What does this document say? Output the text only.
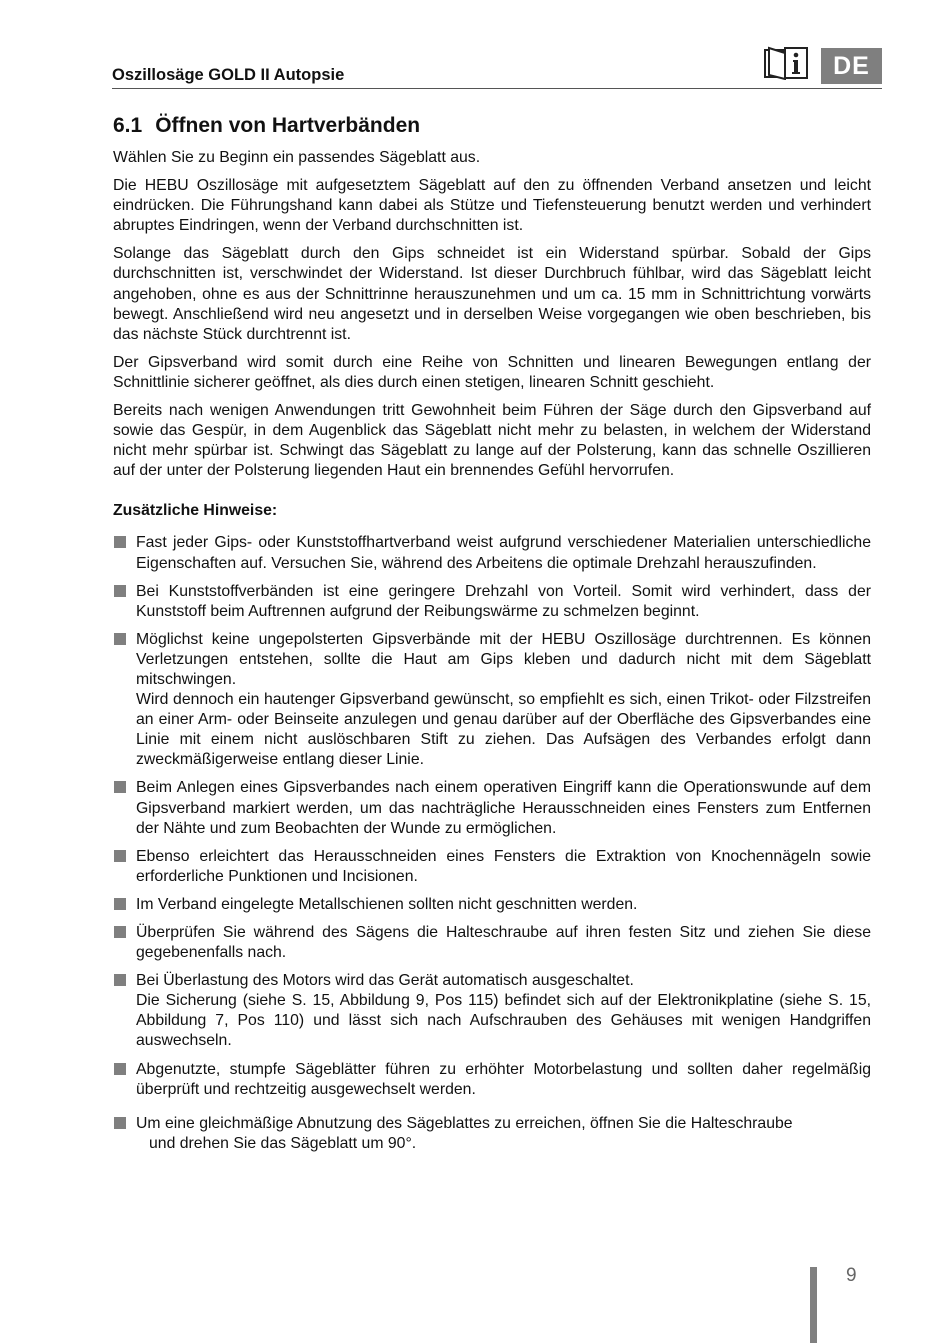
Oszillosäge GOLD II Autopsie	DE
6.1 Öffnen von Hartverbänden

Wählen Sie zu Beginn ein passendes Sägeblatt aus.

Die HEBU Oszillosäge mit aufgesetztem Sägeblatt auf den zu öffnenden Verband ansetzen und leicht eindrücken. Die Führungshand kann dabei als Stütze und Tiefensteuerung benutzt werden und verhindert abruptes Eindringen, wenn der Verband durchschnitten ist.

Solange das Sägeblatt durch den Gips schneidet ist ein Widerstand spürbar. Sobald der Gips durchschnitten ist, verschwindet der Widerstand. Ist dieser Durchbruch fühlbar, wird das Sägeblatt leicht angehoben, ohne es aus der Schnittrinne herauszunehmen und um ca. 15 mm in Schnittrichtung vorwärts bewegt. Anschließend wird neu angesetzt und in derselben Weise vorgegangen wie oben beschrieben, bis das nächste Stück durchtrennt ist.

Der Gipsverband wird somit durch eine Reihe von Schnitten und linearen Bewegungen entlang der Schnittlinie sicherer geöffnet, als dies durch einen stetigen, linearen Schnitt geschieht.

Bereits nach wenigen Anwendungen tritt Gewohnheit beim Führen der Säge durch den Gipsverband auf sowie das Gespür, in dem Augenblick das Sägeblatt nicht mehr zu belasten, in welchem der Widerstand nicht mehr spürbar ist. Schwingt das Sägeblatt zu lange auf der Polsterung, kann das schnelle Oszillieren auf der unter der Polsterung liegenden Haut ein brennendes Gefühl hervorrufen.

Zusätzliche Hinweise:
Fast jeder Gips- oder Kunststoffhartverband weist aufgrund verschiedener Materialien unterschiedliche Eigenschaften auf. Versuchen Sie, während des Arbeitens die optimale Drehzahl herauszufinden.
Bei Kunststoffverbänden ist eine geringere Drehzahl von Vorteil. Somit wird verhindert, dass der Kunststoff beim Auftrennen aufgrund der Reibungswärme zu schmelzen beginnt.
Möglichst keine ungepolsterten Gipsverbände mit der HEBU Oszillosäge durchtrennen. Es können Verletzungen entstehen, sollte die Haut am Gips kleben und dadurch nicht mit dem Sägeblatt mitschwingen.
Wird dennoch ein hautenger Gipsverband gewünscht, so empfiehlt es sich, einen Trikot- oder Filzstreifen an einer Arm- oder Beinseite anzulegen und genau darüber auf der Oberfläche des Gipsverbandes eine Linie mit einem nicht auslöschbaren Stift zu ziehen. Das Aufsägen des Verbandes erfolgt dann zweckmäßigerweise entlang dieser Linie.
Beim Anlegen eines Gipsverbandes nach einem operativen Eingriff kann die Operationswunde auf dem Gipsverband markiert werden, um das nachträgliche Herausschneiden eines Fensters zum Entfernen der Nähte und zum Beobachten der Wunde zu ermöglichen.
Ebenso erleichtert das Herausschneiden eines Fensters die Extraktion von Knochennägeln sowie erforderliche Punktionen und Incisionen.
Im Verband eingelegte Metallschienen sollten nicht geschnitten werden.
Überprüfen Sie während des Sägens die Halteschraube auf ihren festen Sitz und ziehen Sie diese gegebenenfalls nach.
Bei Überlastung des Motors wird das Gerät automatisch ausgeschaltet.
Die Sicherung (siehe S. 15, Abbildung 9, Pos 115) befindet sich auf der Elektronikplatine (siehe S. 15, Abbildung 7, Pos 110) und lässt sich nach Aufschrauben des Gehäuses mit wenigen Handgriffen auswechseln.
Abgenutzte, stumpfe Sägeblätter führen zu erhöhter Motorbelastung und sollten daher regelmäßig überprüft und rechtzeitig ausgewechselt werden.
Um eine gleichmäßige Abnutzung des Sägeblattes zu erreichen, öffnen Sie die Halteschraube
und drehen Sie das Sägeblatt um 90°.
9
